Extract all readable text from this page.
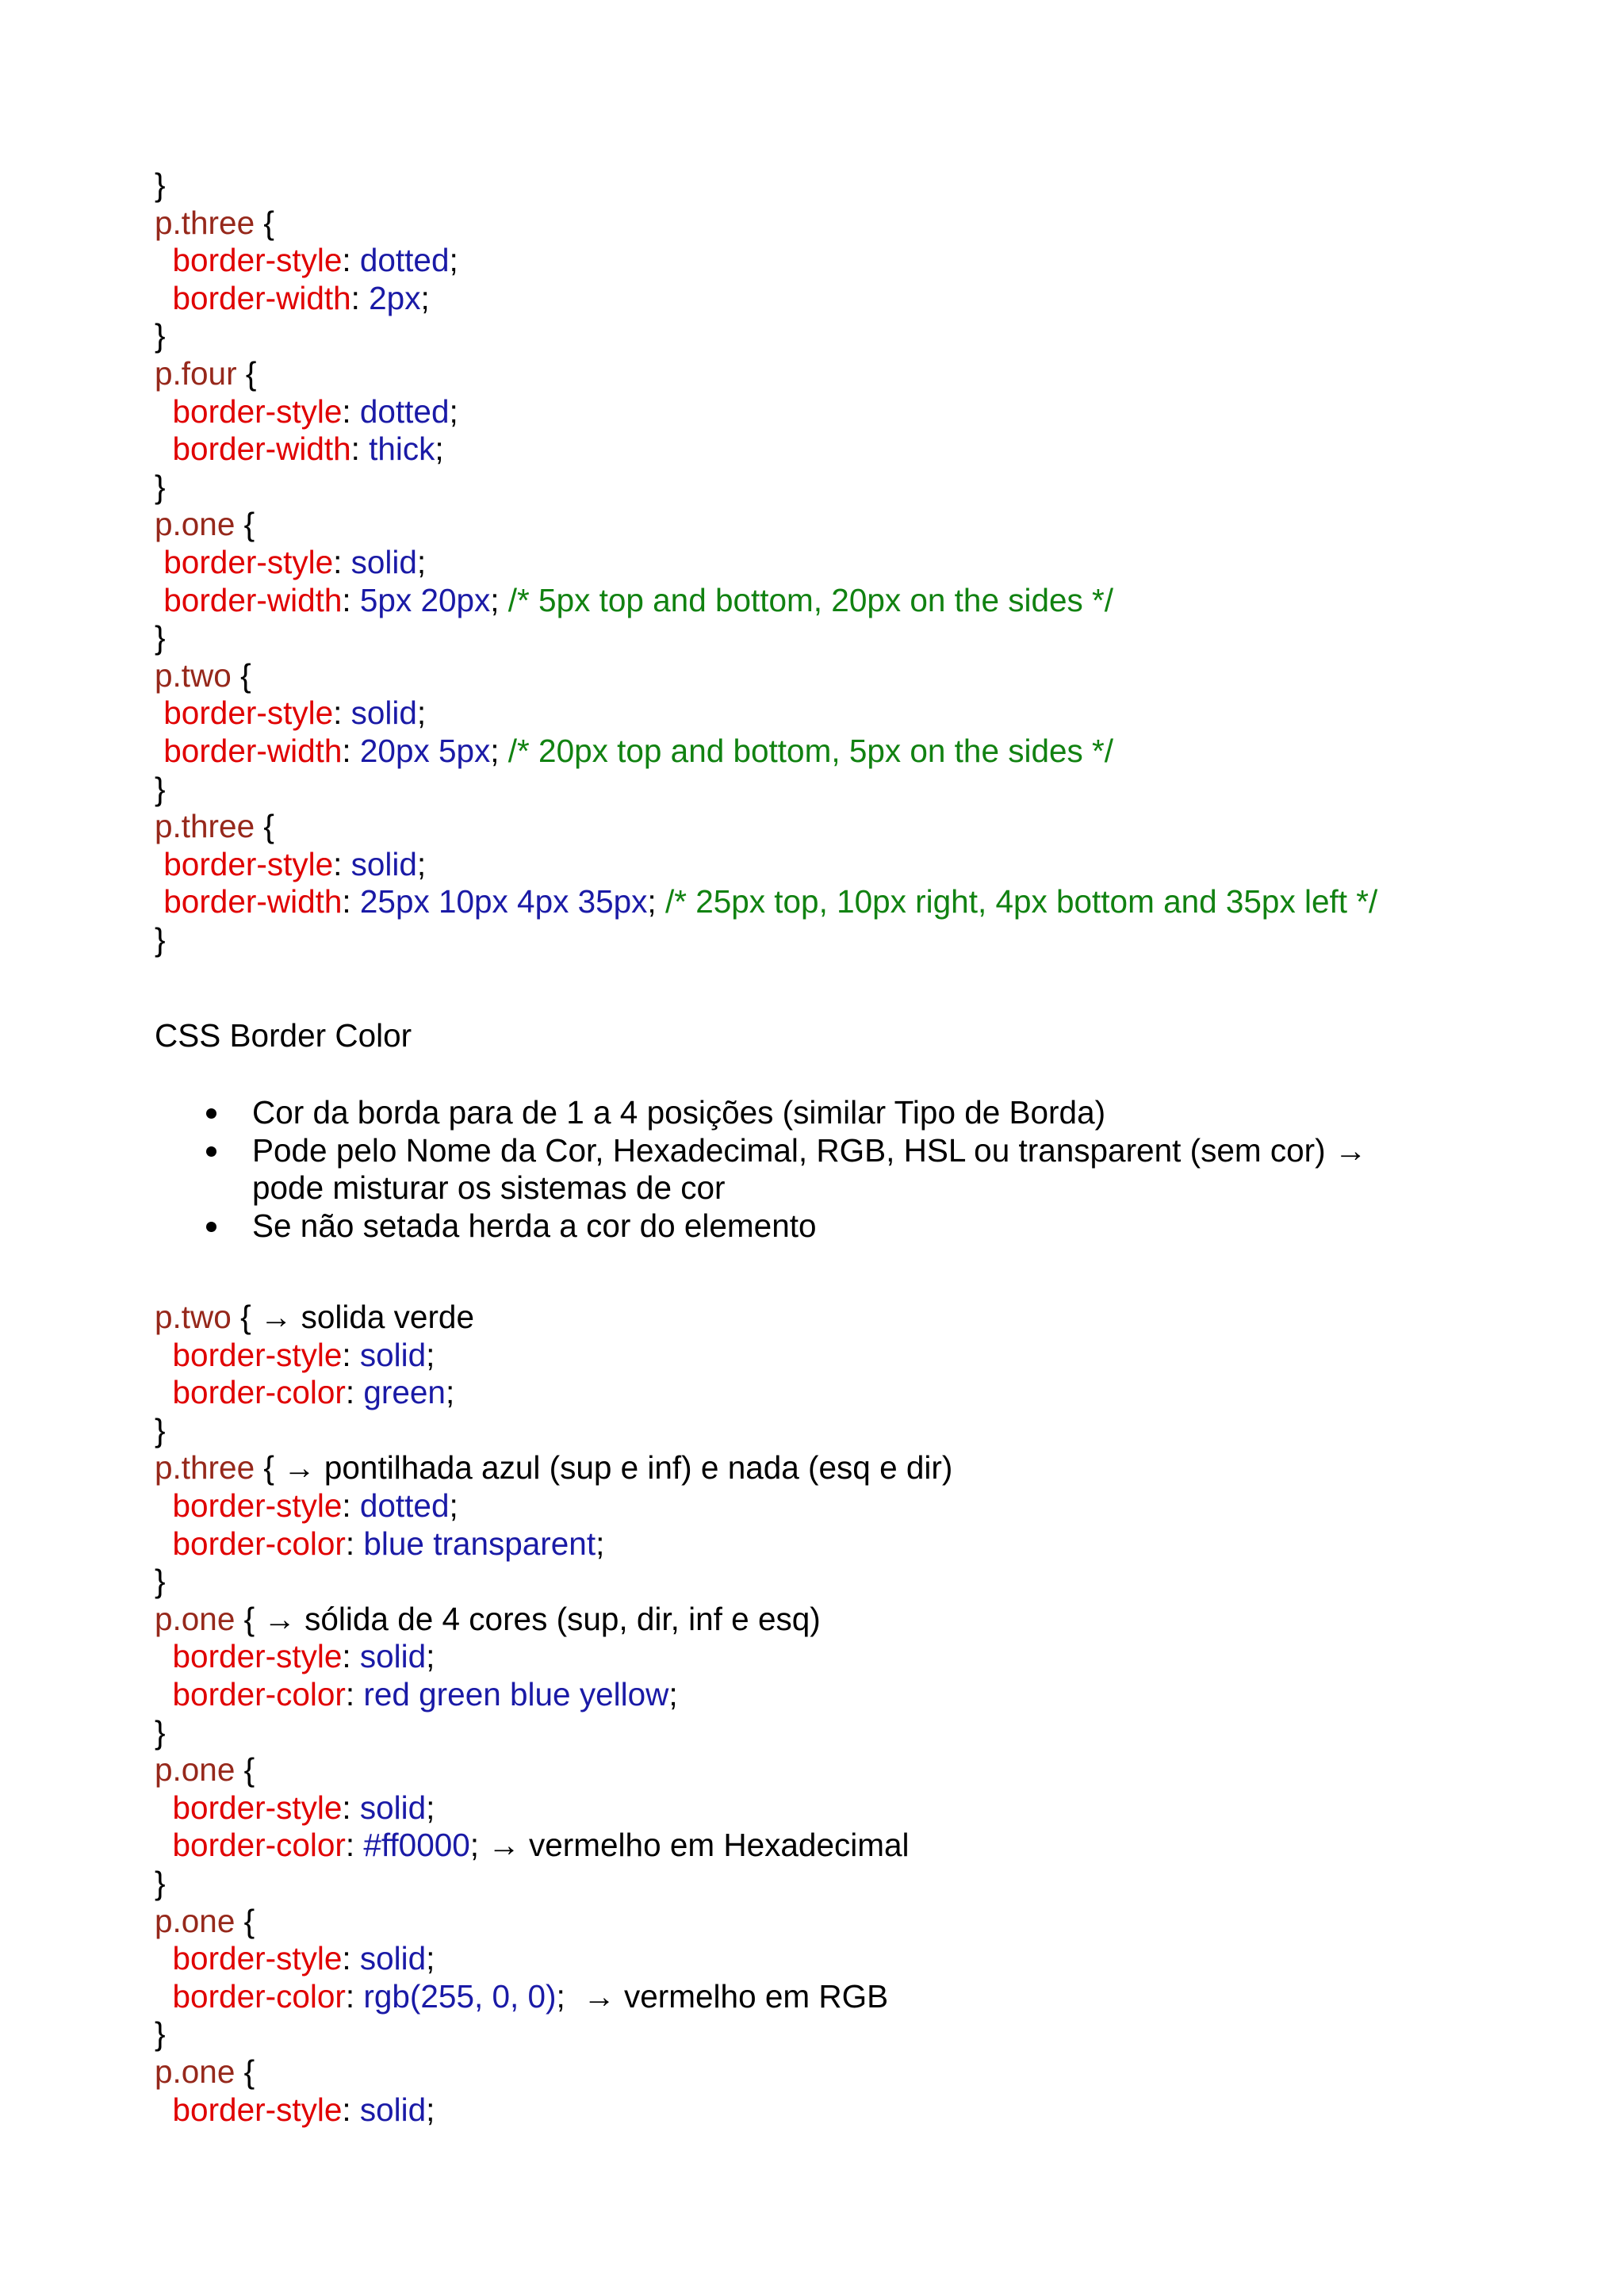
}
p.three {
border-style: dotted;
border-width: 2px;
}
p.four {
border-style: dotted;
border-width: thick;
}
p.one {
border-style: solid;
border-width: 5px 20px; /* 5px top and bottom, 20px on the sides */
}
p.two {
border-style: solid;
border-width: 20px 5px; /* 20px top and bottom, 5px on the sides */
}
p.three {
border-style: solid;
border-width: 25px 10px 4px 35px; /* 25px top, 10px right, 4px bottom and 35px left */
}
CSS Border Color
Cor da borda para de 1 a 4 posições (similar Tipo de Borda)
Pode pelo Nome da Cor, Hexadecimal, RGB, HSL ou transparent (sem cor) →
pode misturar os sistemas de cor
Se não setada herda a cor do elemento
p.two { → solida verde
border-style: solid;
border-color: green;
}
p.three { → pontilhada azul (sup e inf) e nada (esq e dir)
border-style: dotted;
border-color: blue transparent;
}
p.one { → sólida de 4 cores (sup, dir, inf e esq)
border-style: solid;
border-color: red green blue yellow;
}
p.one {
border-style: solid;
border-color: #ff0000; → vermelho em Hexadecimal
}
p.one {
border-style: solid;
border-color: rgb(255, 0, 0);  → vermelho em RGB
}
p.one {
border-style: solid;
